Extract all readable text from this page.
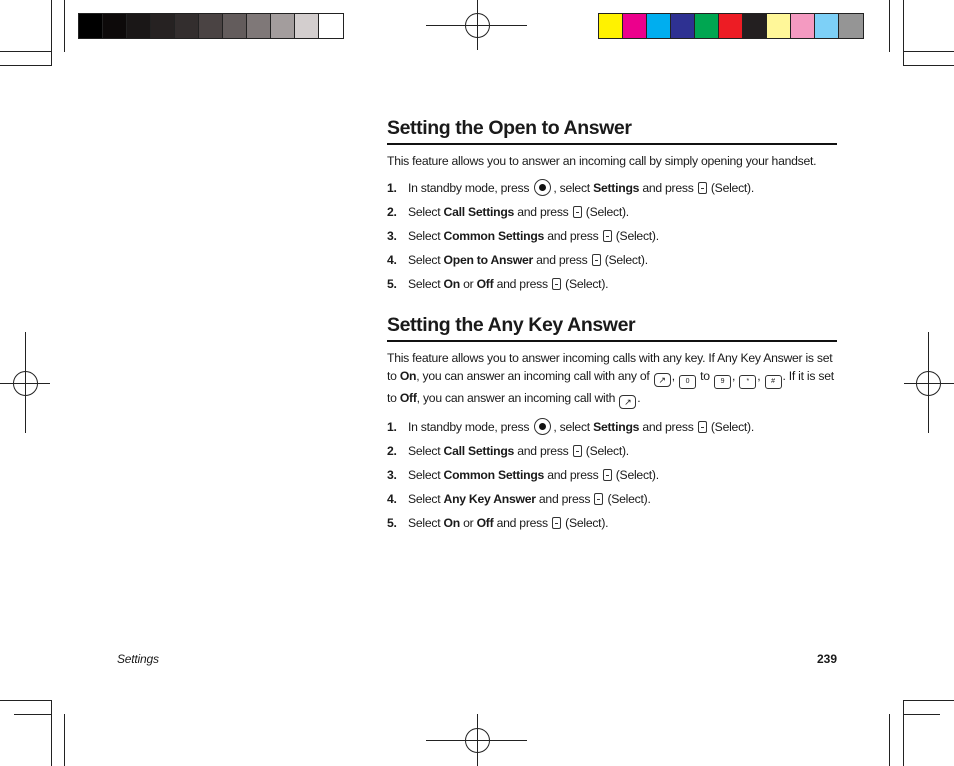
Setting the Open to Answer

This feature allows you to answer an incoming call by simply opening your handset.

1. In standby mode, press , select Settings and press (Select).
2. Select Call Settings and press (Select).
3. Select Common Settings and press (Select).
4. Select Open to Answer and press (Select).
5. Select On or Off and press (Select).
Setting the Any Key Answer

This feature allows you to answer incoming calls with any key. If Any Key Answer is set to On, you can answer an incoming call with any of ↗ , 0 to 9 , * , # . If it is set to Off, you can answer an incoming call with ↗ .

1. In standby mode, press , select Settings and press (Select).
2. Select Call Settings and press (Select).
3. Select Common Settings and press (Select).
4. Select Any Key Answer and press (Select).
5. Select On or Off and press (Select).
Settings	239
